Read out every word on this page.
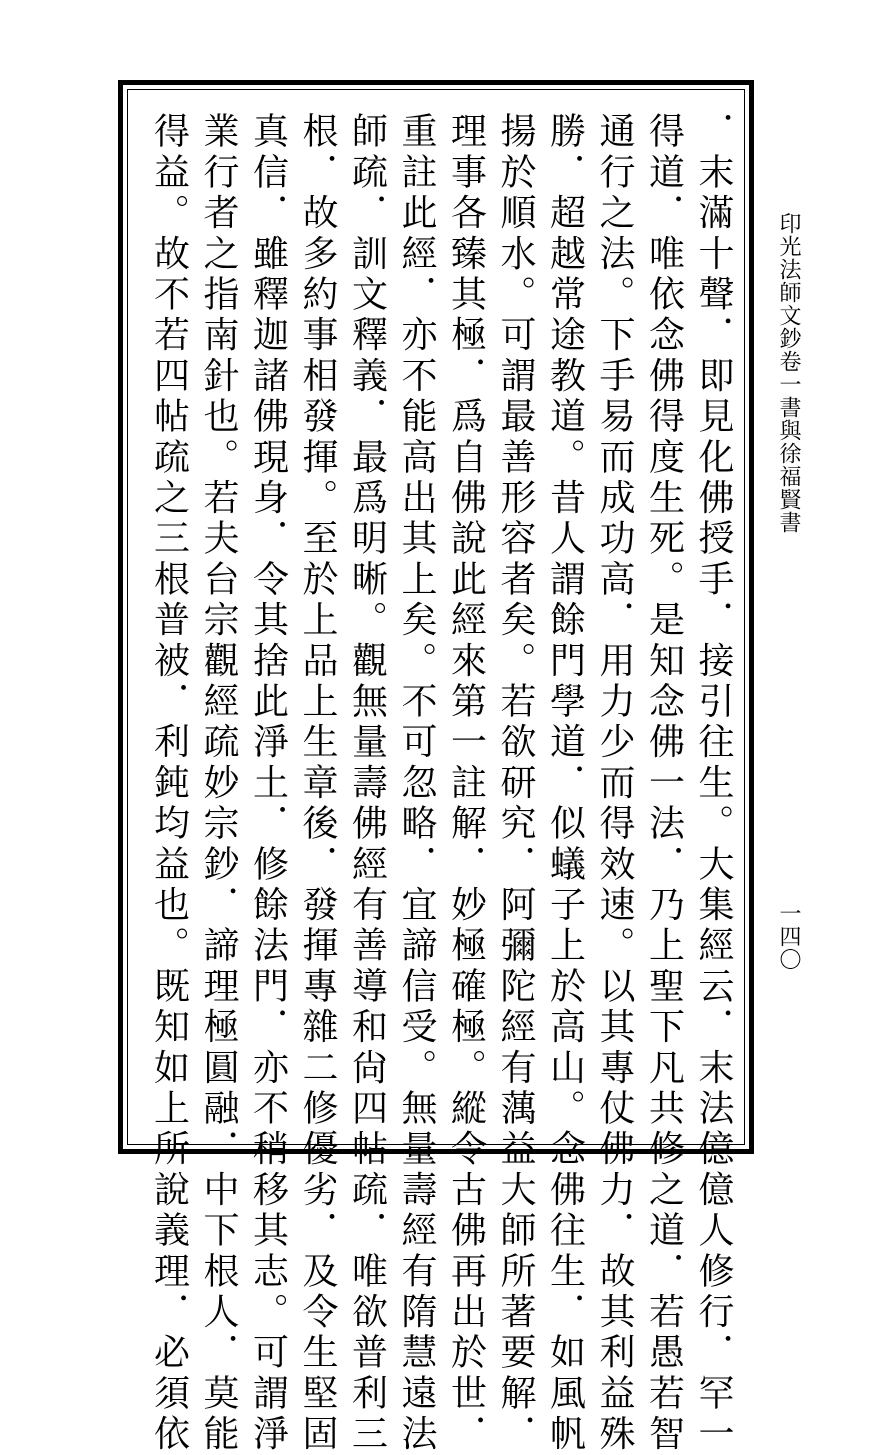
印光法師文鈔卷一書與徐福賢書
一四〇
．末滿十聲．即見化佛授手．接引往生。大集經云．末法億億人修行．罕一
得道．唯依念佛得度生死。是知念佛一法．乃上聖下凡共修之道．若愚若智
通行之法。下手易而成功高．用力少而得效速。以其專仗佛力．故其利益殊
勝．超越常途教道。昔人謂餘門學道．似蟻子上於高山。念佛往生．如風帆
揚於順水。可謂最善形容者矣。若欲研究．阿彌陀經有蕅益大師所著要解．
理事各臻其極．爲自佛說此經來第一註解．妙極確極。縱令古佛再出於世．
重註此經．亦不能高出其上矣。不可忽略．宜諦信受。無量壽經有隋慧遠法
師疏．訓文釋義．最爲明晰。觀無量壽佛經有善導和尙四帖疏．唯欲普利三
根．故多約事相發揮。至於上品上生章後．發揮專雜二修優劣．及令生堅固
真信．雖釋迦諸佛現身．令其捨此淨土．修餘法門．亦不稍移其志。可謂淨
業行者之指南針也。若夫台宗觀經疏妙宗鈔．諦理極圓融．中下根人．莫能
得益。故不若四帖疏之三根普被．利鈍均益也。既知如上所說義理．必須依
